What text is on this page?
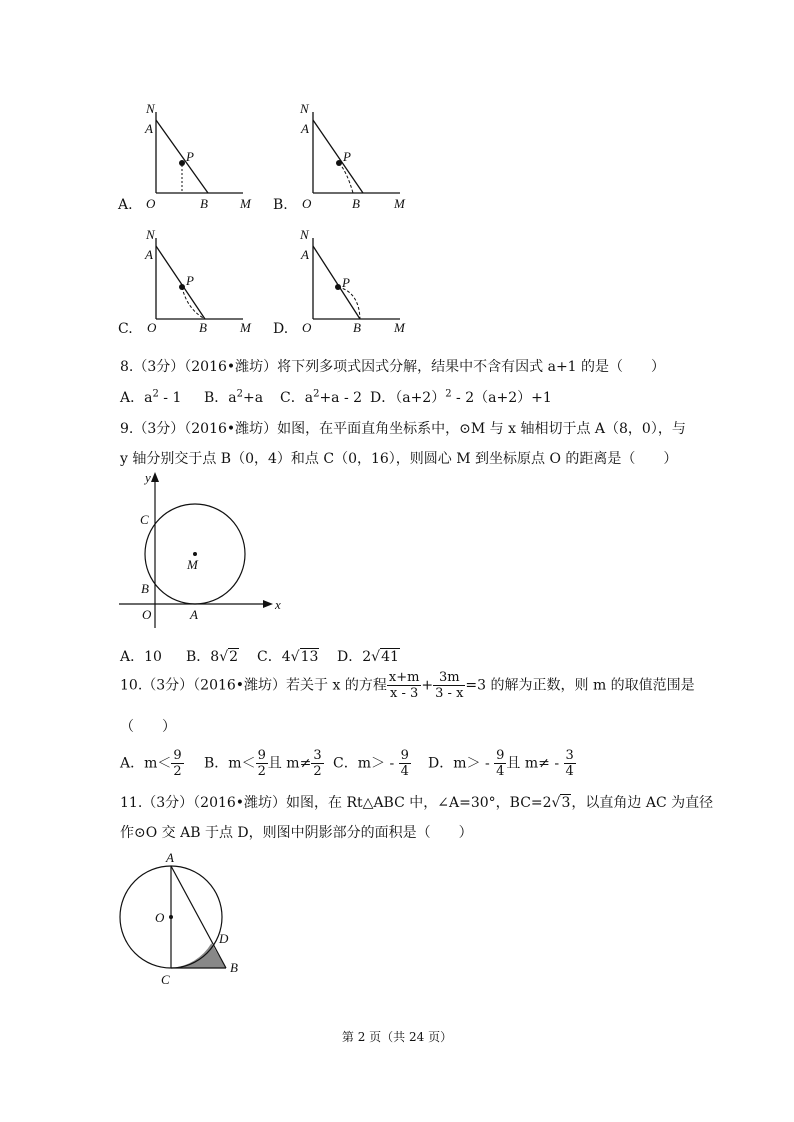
A.
N
A
P
O	B M B.
N
A
P
O	B	M
C.
N
A
P
O	B	M D.
N
A
P
O	B	M
8.（3分）（2016•潍坊）将下列多项式因式分解，结果中不含有因式 a+1 的是（　　）
A．$a^2 - 1$ B．$a^2+a$ C．$a^2+a - 2$ D．$(a+2)^2 - 2(a+2)+1$
9.（3分）（2016•潍坊）如图，在平面直角坐标系中，⊙M 与 x 轴相切于点 A（8，0），与
y 轴分别交于点 B（0，4）和点 C（0，16），则圆心 M 到坐标原点 O 的距离是（　　）
y
x
C
M
B
O	A
A．10 B．8√2 C．4√13 D．2√41
10.（3分）（2016•潍坊）若关于 x 的方程 $\frac{x+m}{x - 3} + \frac{3m}{3 - x} =3$ 的解为正数，则 m 的取值范围是
（　　）
A．$m< \frac{9}{2}$ B．$m< \frac{9}{2}$ 且 $m\ne \frac{3}{2}$ C．$m> - \frac{9}{4}$ D．$m> - \frac{9}{4}$ 且 $m\ne - \frac{3}{4}$
11.（3分）（2016•潍坊）如图，在 Rt△ABC 中，∠A=30°，BC=2√3，以直角边 AC 为直径
作⊙O 交 AB 于点 D，则图中阴影部分的面积是（　　）
A
O
D
C
B
第 2 页（共 24 页）
